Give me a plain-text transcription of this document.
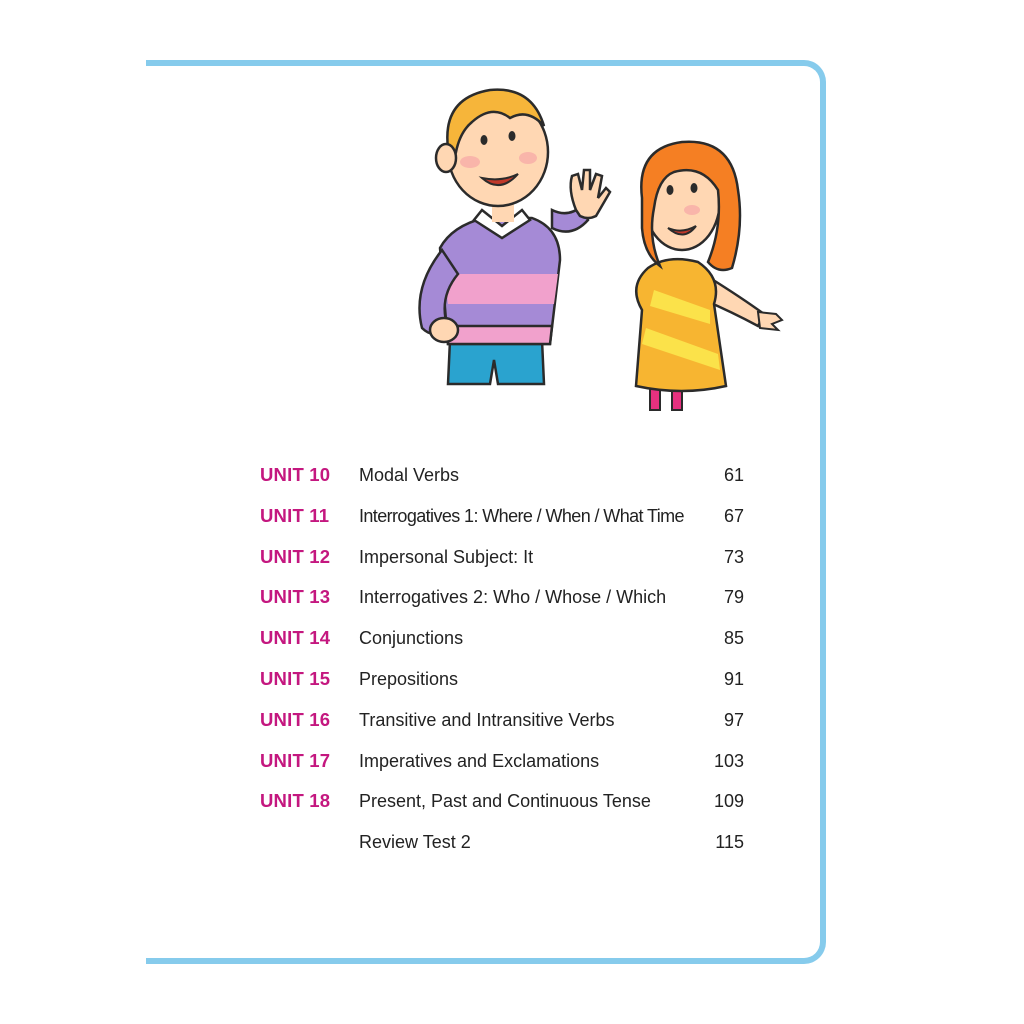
UNIT 10 Modal Verbs	61
UNIT 11 Interrogatives 1: Where / When / What Time 67
UNIT 12 Impersonal Subject: It	73
UNIT 13 Interrogatives 2: Who / Whose / Which	79
UNIT 14 Conjunctions	85
UNIT 15 Prepositions	91
UNIT 16 Transitive and Intransitive Verbs	97
UNIT 17 Imperatives and Exclamations	103
UNIT 18 Present, Past and Continuous Tense	109
Review Test 2	115
